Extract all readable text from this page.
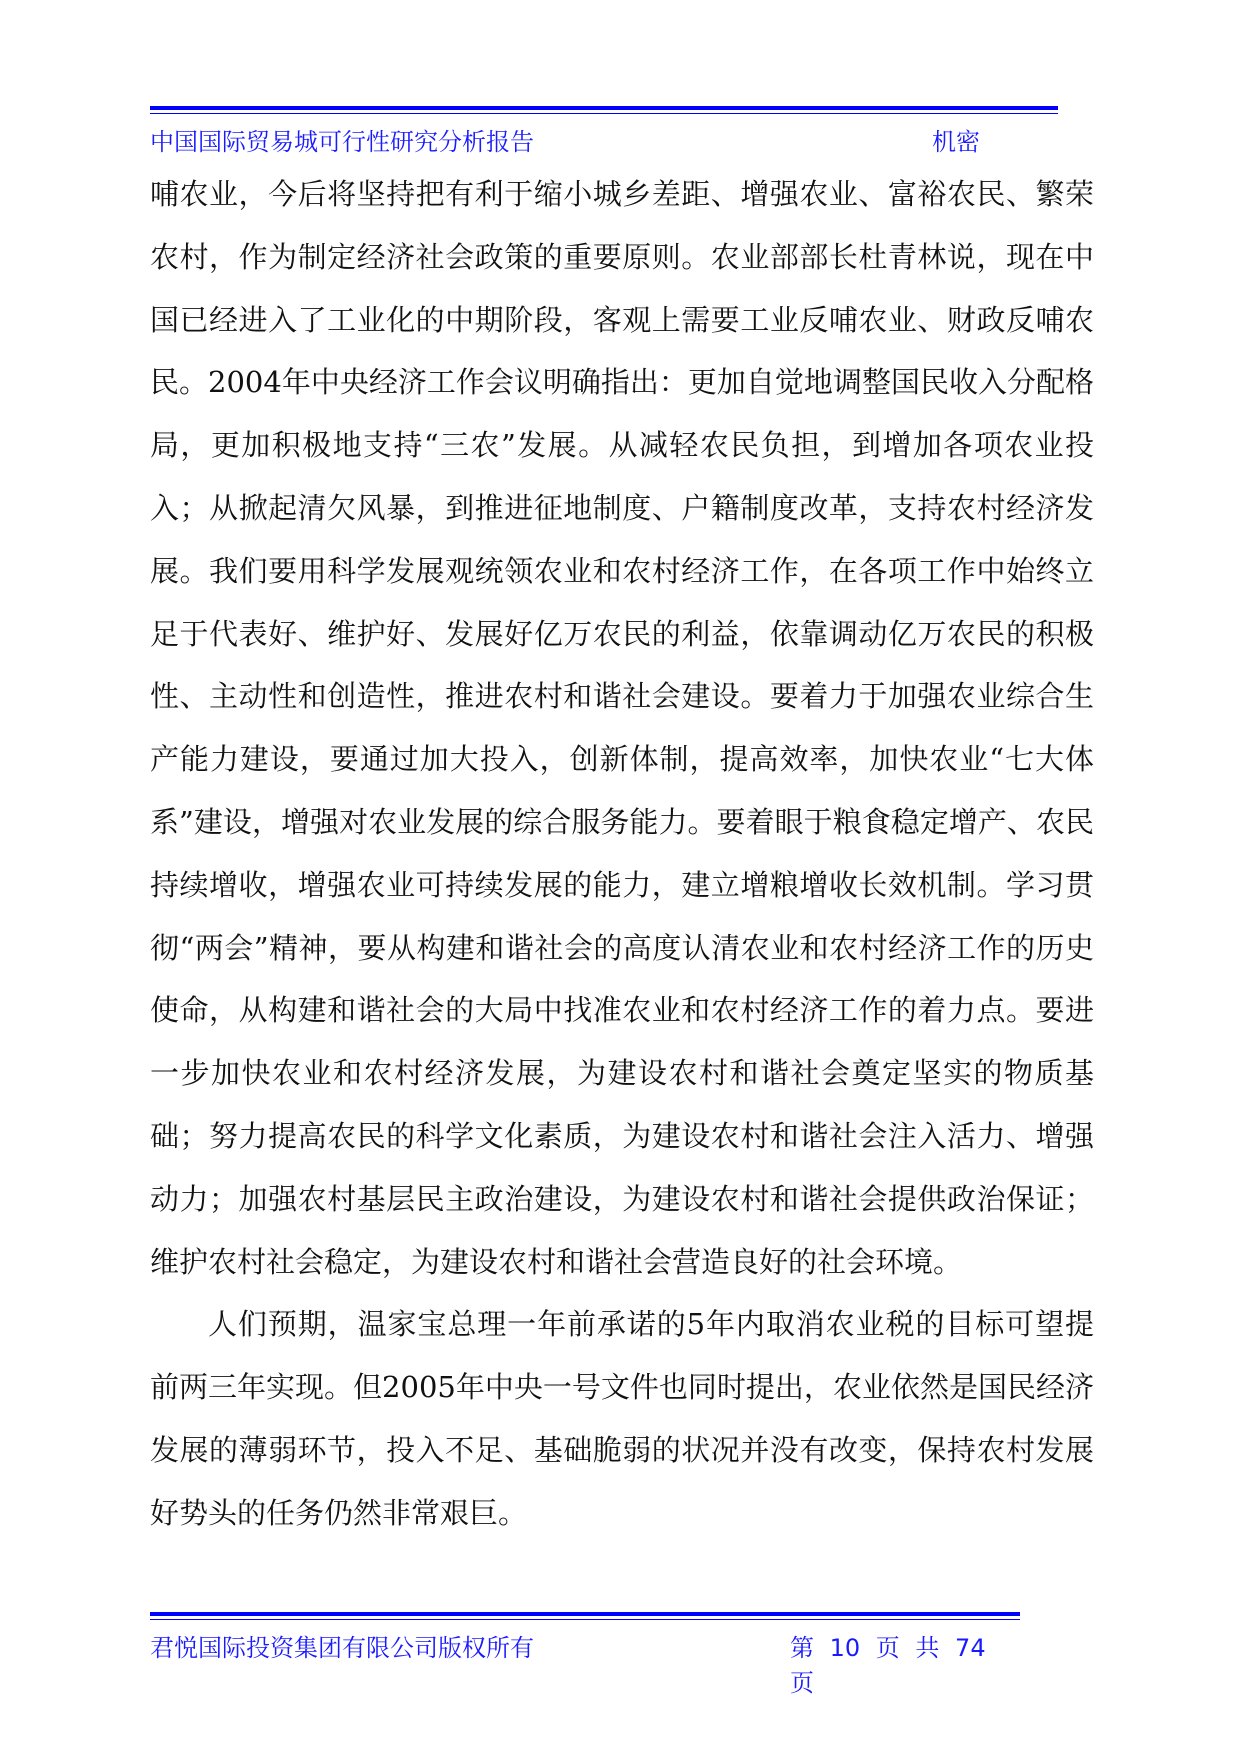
中国国际贸易城可行性研究分析报告	机密

哺农业，今后将坚持把有利于缩小城乡差距、增强农业、富裕农民、繁荣农村，作为制定经济社会政策的重要原则。农业部部长杜青林说，现在中国已经进入了工业化的中期阶段，客观上需要工业反哺农业、财政反哺农民。2004年中央经济工作会议明确指出：更加自觉地调整国民收入分配格局，更加积极地支持“三农”发展。从减轻农民负担，到增加各项农业投入；从掀起清欠风暴，到推进征地制度、户籍制度改革，支持农村经济发展。我们要用科学发展观统领农业和农村经济工作，在各项工作中始终立足于代表好、维护好、发展好亿万农民的利益，依靠调动亿万农民的积极性、主动性和创造性，推进农村和谐社会建设。要着力于加强农业综合生产能力建设，要通过加大投入，创新体制，提高效率，加快农业“七大体系”建设，增强对农业发展的综合服务能力。要着眼于粮食稳定增产、农民持续增收，增强农业可持续发展的能力，建立增粮增收长效机制。学习贯彻“两会”精神，要从构建和谐社会的高度认清农业和农村经济工作的历史使命，从构建和谐社会的大局中找准农业和农村经济工作的着力点。要进一步加快农业和农村经济发展，为建设农村和谐社会奠定坚实的物质基础；努力提高农民的科学文化素质，为建设农村和谐社会注入活力、增强动力；加强农村基层民主政治建设，为建设农村和谐社会提供政治保证；维护农村社会稳定，为建设农村和谐社会营造良好的社会环境。

人们预期，温家宝总理一年前承诺的5年内取消农业税的目标可望提前两三年实现。但2005年中央一号文件也同时提出，农业依然是国民经济发展的薄弱环节，投入不足、基础脆弱的状况并没有改变，保持农村发展好势头的任务仍然非常艰巨。

君悦国际投资集团有限公司版权所有	第 10 页 共 74 页
